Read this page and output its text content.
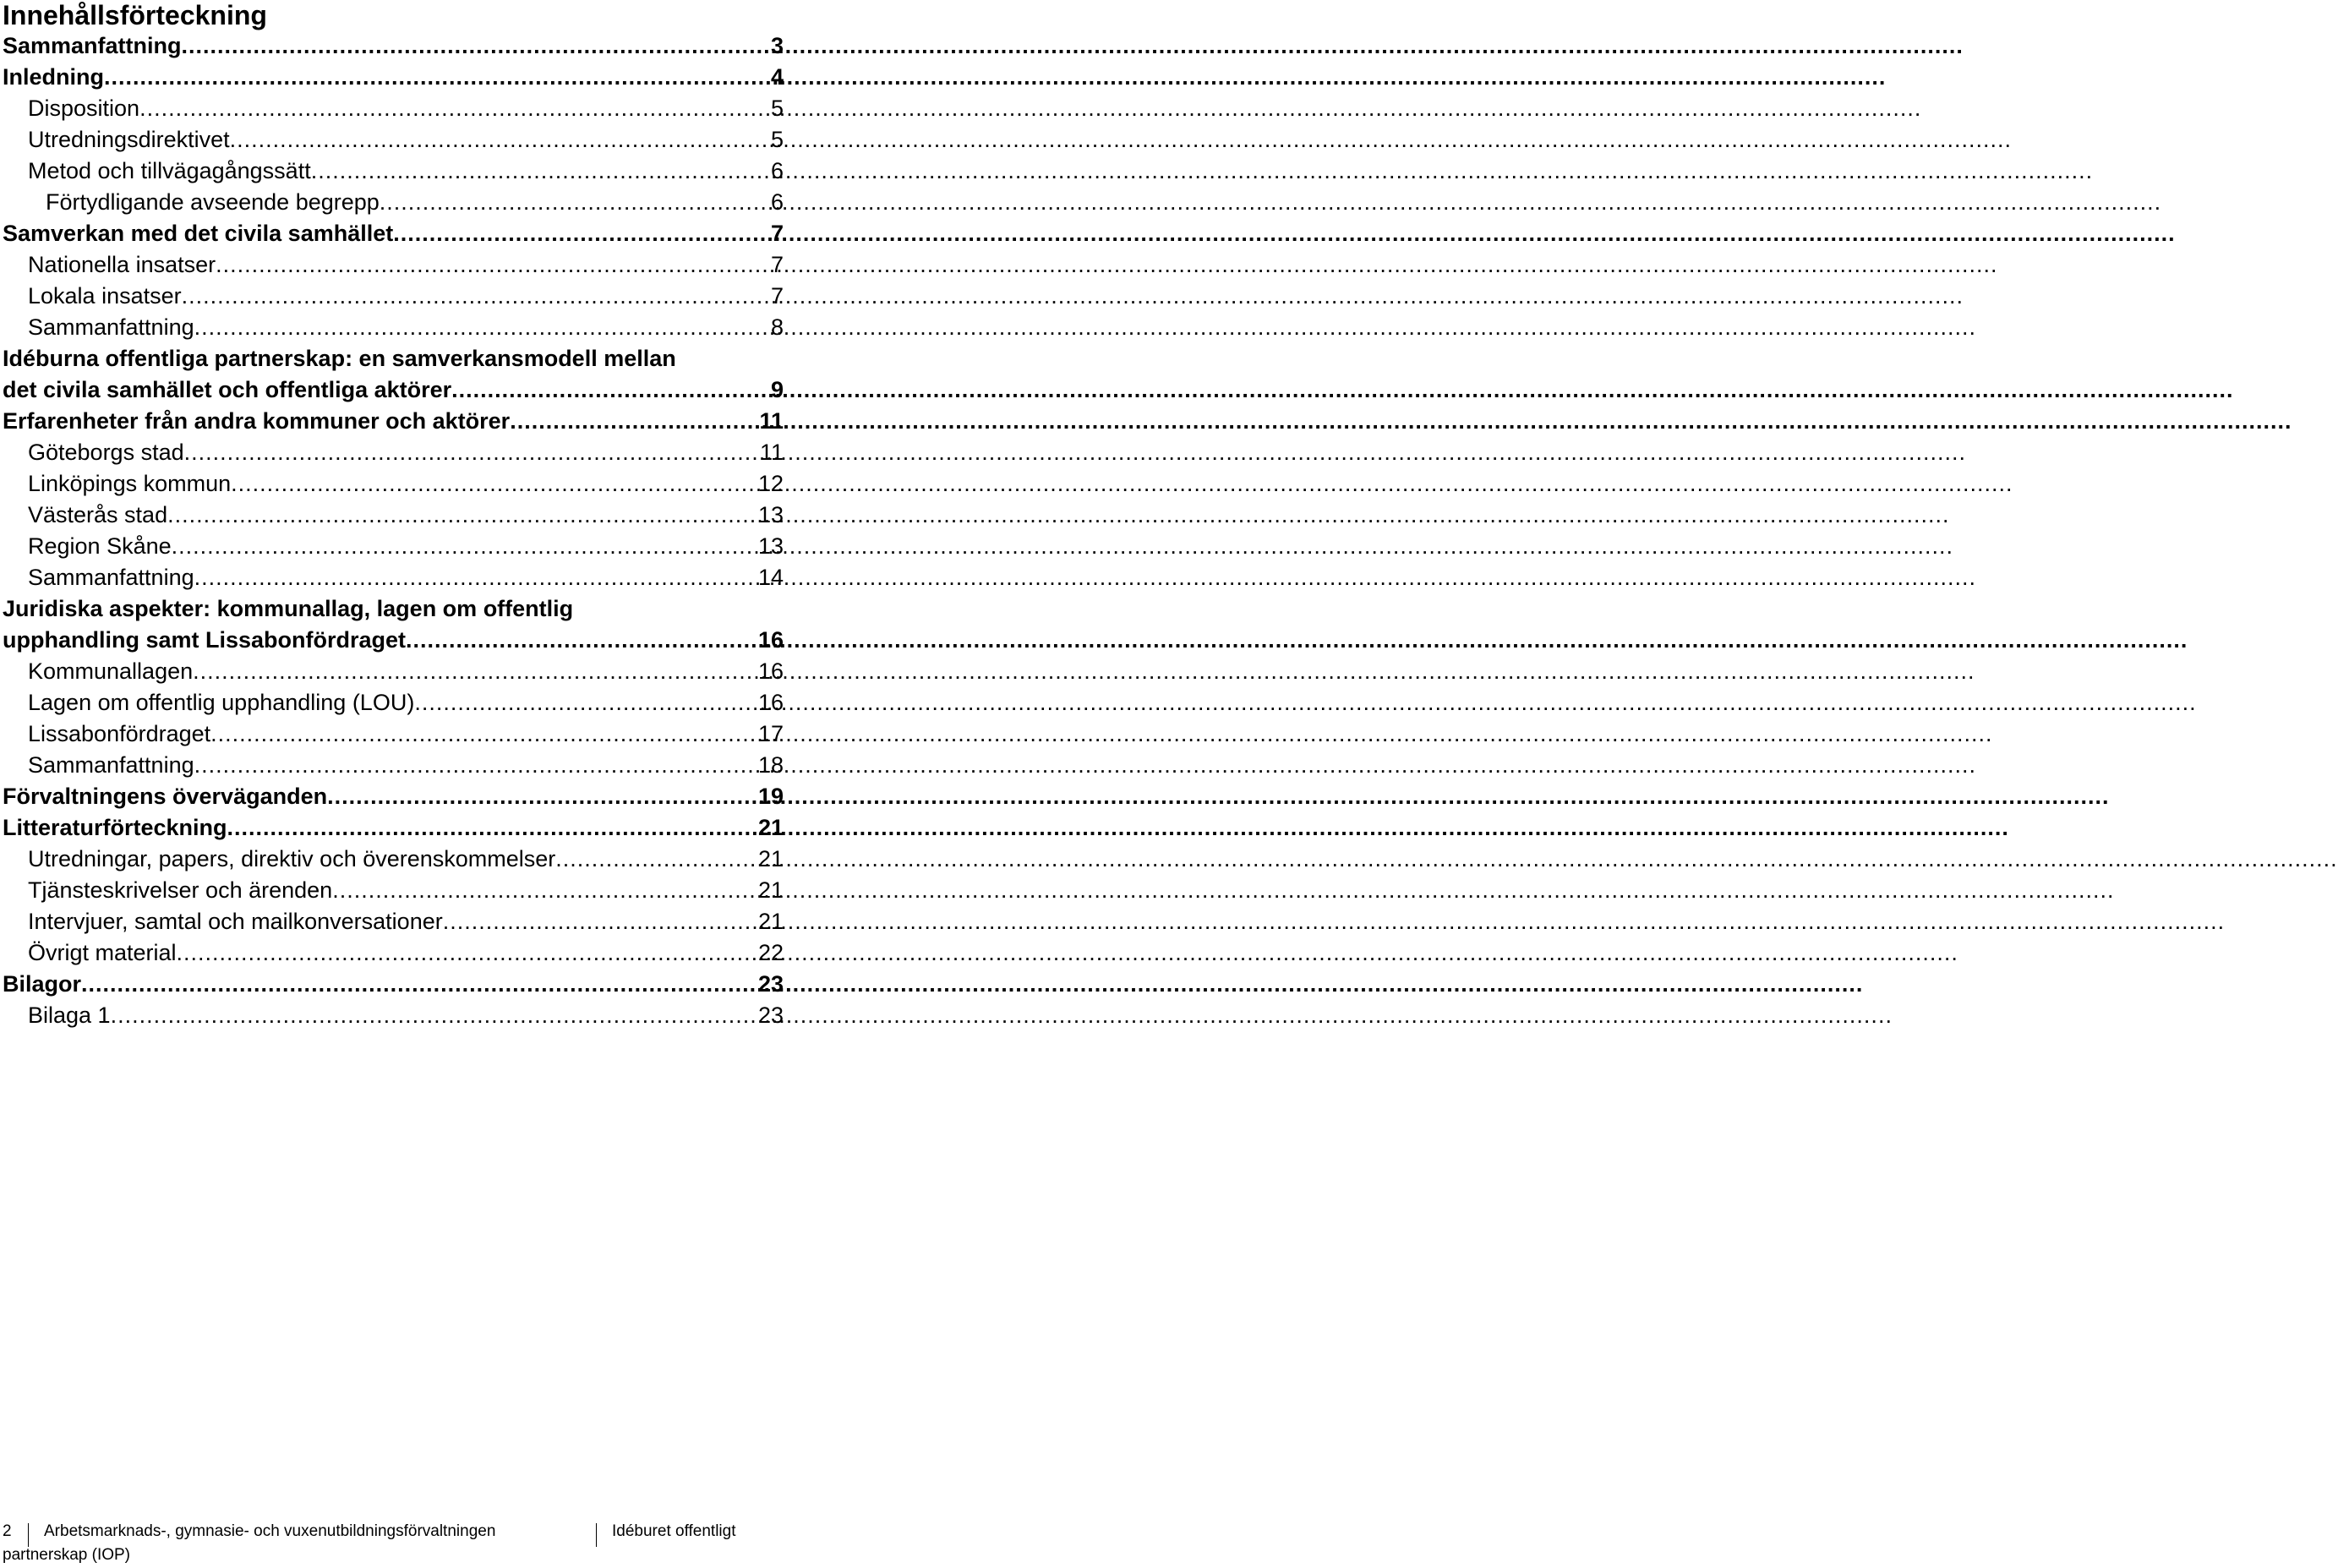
Innehållsförteckning
Sammanfattning .....	3
Inledning .....	4
Disposition .....	5
Utredningsdirektivet .....	5
Metod och tillvägagångssätt .....	6
Förtydligande avseende begrepp .....	6
Samverkan med det civila samhället .....	7
Nationella insatser .....	7
Lokala insatser .....	7
Sammanfattning .....	8
Idéburna offentliga partnerskap: en samverkansmodell mellan
det civila samhället och offentliga aktörer .....	9
Erfarenheter från andra kommuner och aktörer .....	11
Göteborgs stad .....	11
Linköpings kommun .....	12
Västerås stad .....	13
Region Skåne .....	13
Sammanfattning .....	14
Juridiska aspekter: kommunallag, lagen om offentlig
upphandling samt Lissabonfördraget .....	16
Kommunallagen .....	16
Lagen om offentlig upphandling (LOU) .....	16
Lissabonfördraget .....	17
Sammanfattning .....	18
Förvaltningens överväganden .....	19
Litteraturförteckning .....	21
Utredningar, papers, direktiv och överenskommelser .....	21
Tjänsteskrivelser och ärenden .....	21
Intervjuer, samtal och mailkonversationer .....	21
Övrigt material .....	22
Bilagor .....	23
Bilaga 1 .....	23
2 Arbetsmarknads-, gymnasie- och vuxenutbildningsförvaltningen	Idéburet offentligt partnerskap (IOP)
